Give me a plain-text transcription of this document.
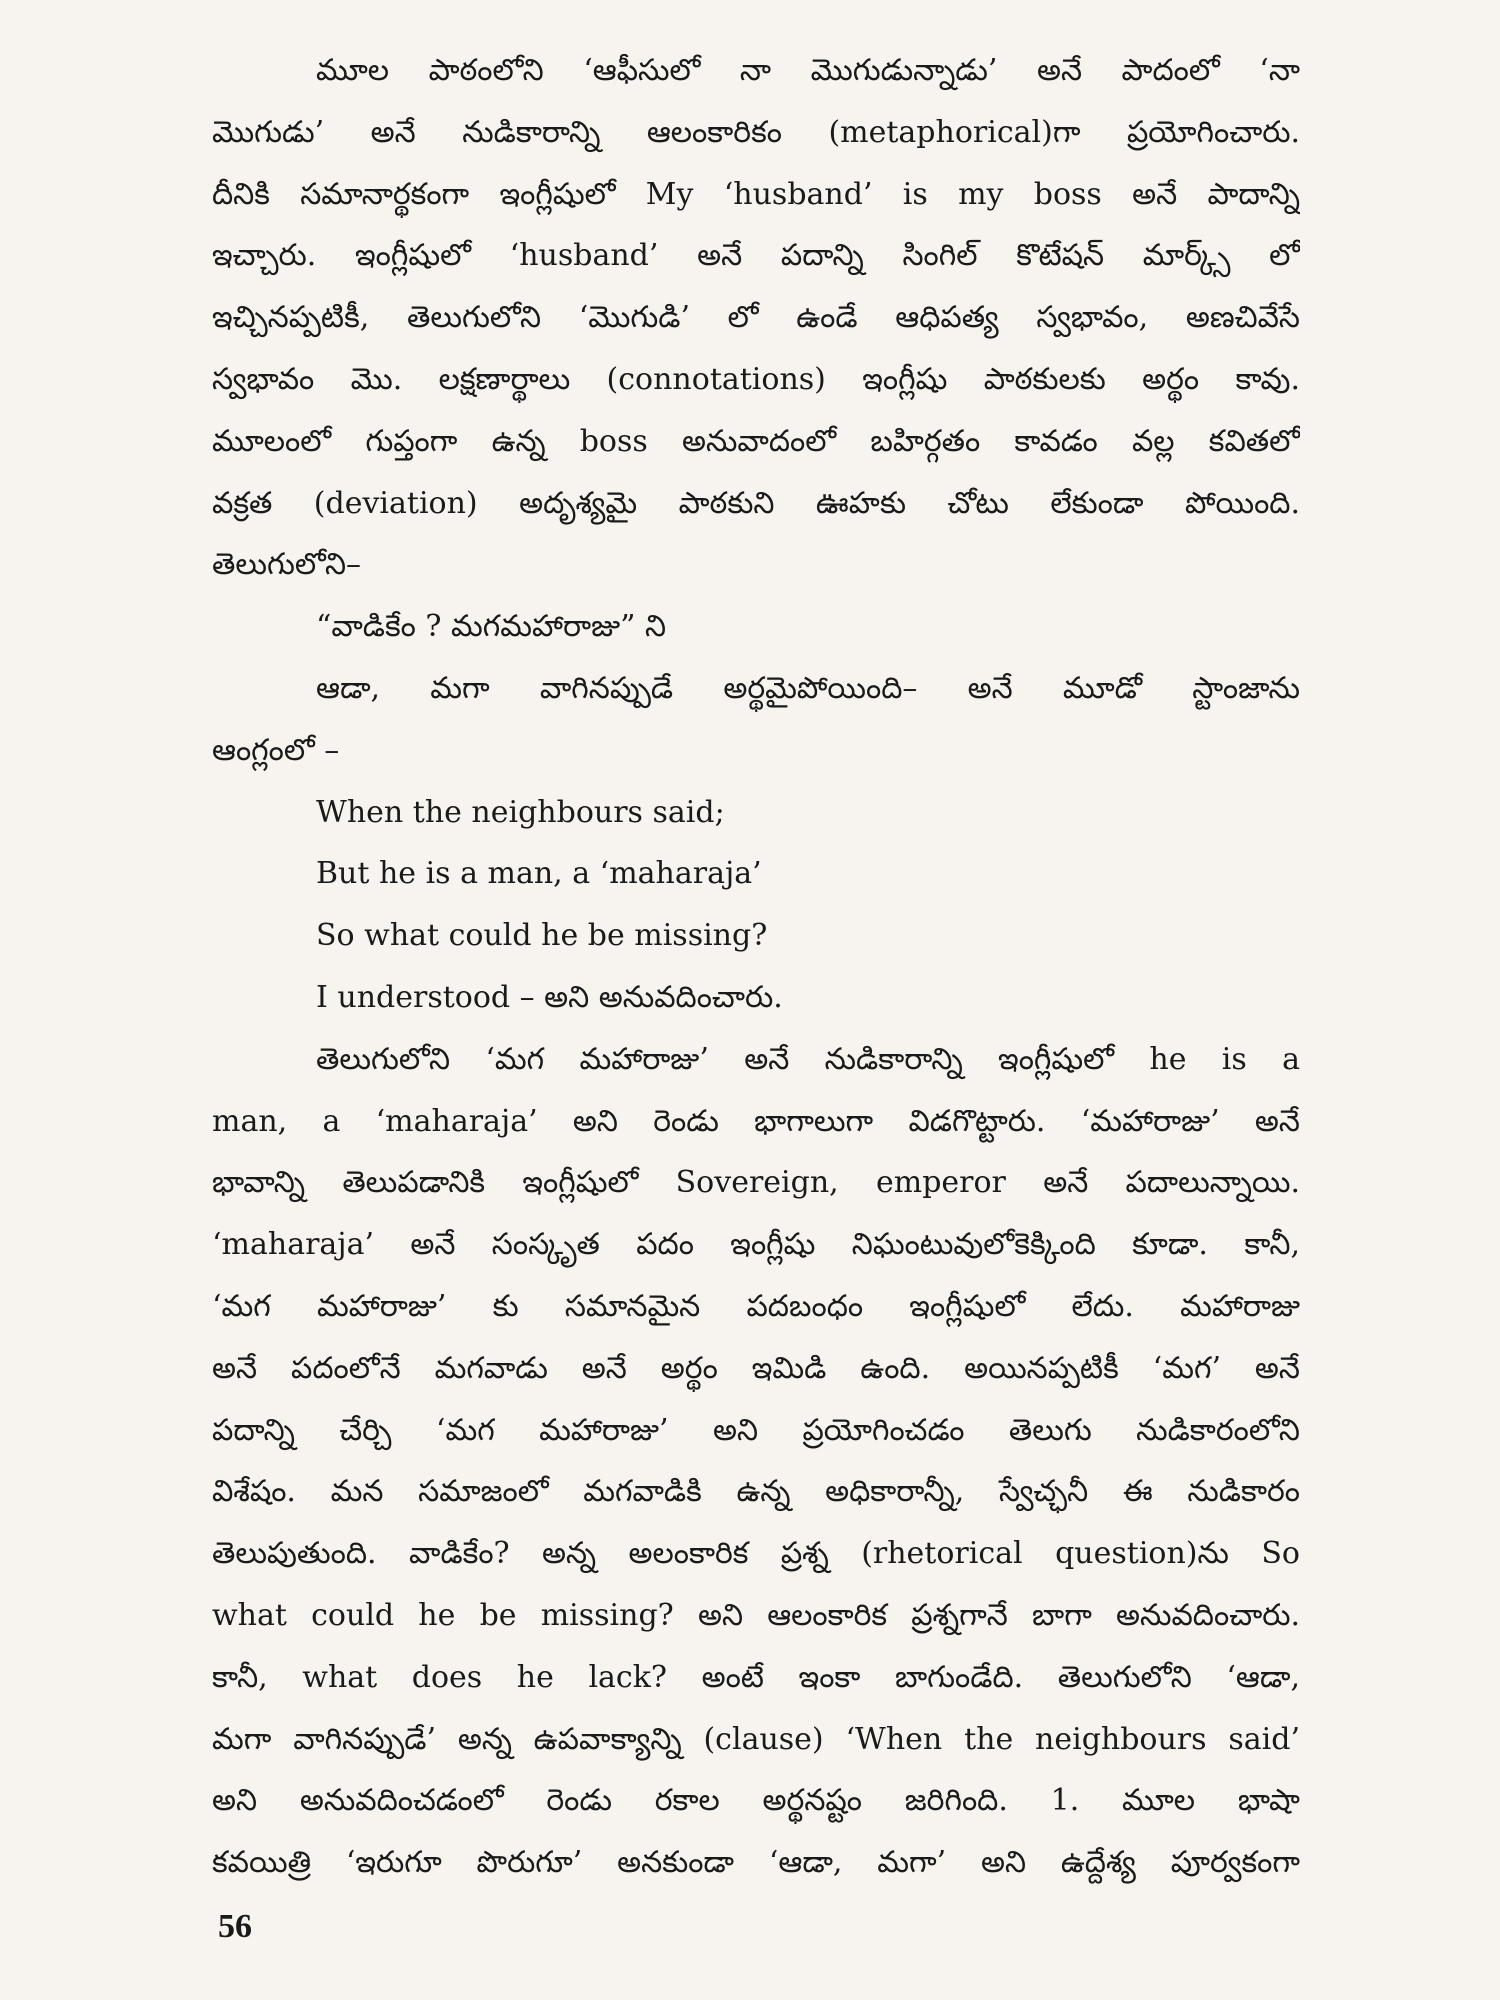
మూల పాఠంలోని ‘ఆఫీసులో నా మొగుడున్నాడు’ అనే పాదంలో ‘నా
మొగుడు’ అనే నుడికారాన్ని ఆలంకారికం (metaphorical)గా ప్రయోగించారు.
దీనికి సమానార్థకంగా ఇంగ్లీషులో My ‘husband’ is my boss అనే పాదాన్ని
ఇచ్చారు. ఇంగ్లీషులో ‘husband’ అనే పదాన్ని సింగిల్ కొటేషన్ మార్క్స్ లో
ఇచ్చినప్పటికీ, తెలుగులోని ‘మొగుడి’ లో ఉండే ఆధిపత్య స్వభావం, అణచివేసే
స్వభావం మొ. లక్షణార్థాలు (connotations) ఇంగ్లీషు పాఠకులకు అర్థం కావు.
మూలంలో గుప్తంగా ఉన్న boss అనువాదంలో బహిర్గతం కావడం వల్ల కవితలో
వక్రత (deviation) అదృశ్యమై పాఠకుని ఊహకు చోటు లేకుండా పోయింది.
తెలుగులోని–
“వాడికేం ? మగమహారాజు” ని
ఆడా, మగా వాగినప్పుడే అర్థమైపోయింది– అనే మూడో స్టాంజాను
ఆంగ్లంలో –
When the neighbours said;
But he is a man, a ‘maharaja’
So what could he be missing?
I understood – అని అనువదించారు.
తెలుగులోని ‘మగ మహారాజు’ అనే నుడికారాన్ని ఇంగ్లీషులో he is a
man, a ‘maharaja’ అని రెండు భాగాలుగా విడగొట్టారు. ‘మహారాజు’ అనే
భావాన్ని తెలుపడానికి ఇంగ్లీషులో Sovereign, emperor అనే పదాలున్నాయి.
‘maharaja’ అనే సంస్కృత పదం ఇంగ్లీషు నిఘంటువులోకెక్కింది కూడా. కానీ,
‘మగ మహారాజు’ కు సమానమైన పదబంధం ఇంగ్లీషులో లేదు. మహారాజు
అనే పదంలోనే మగవాడు అనే అర్థం ఇమిడి ఉంది. అయినప్పటికీ ‘మగ’ అనే
పదాన్ని చేర్చి ‘మగ మహారాజు’ అని ప్రయోగించడం తెలుగు నుడికారంలోని
విశేషం. మన సమాజంలో మగవాడికి ఉన్న అధికారాన్నీ, స్వేచ్ఛనీ ఈ నుడికారం
తెలుపుతుంది. వాడికేం? అన్న అలంకారిక ప్రశ్న (rhetorical question)ను So
what could he be missing? అని ఆలంకారిక ప్రశ్నగానే బాగా అనువదించారు.
కానీ, what does he lack? అంటే ఇంకా బాగుండేది. తెలుగులోని ‘ఆడా,
మగా వాగినప్పుడే’ అన్న ఉపవాక్యాన్ని (clause) ‘When the neighbours said’
అని అనువదించడంలో రెండు రకాల అర్థనష్టం జరిగింది. 1. మూల భాషా
కవయిత్రి ‘ఇరుగూ పొరుగూ’ అనకుండా ‘ఆడా, మగా’ అని ఉద్దేశ్య పూర్వకంగా
56
